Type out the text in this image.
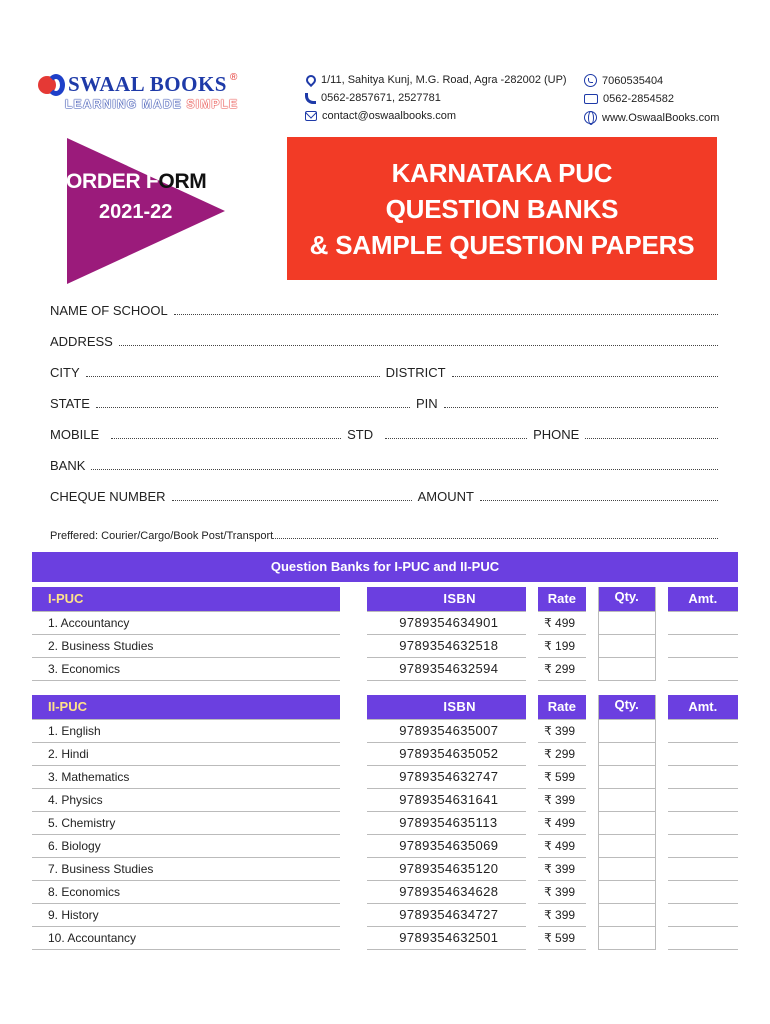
SWAAL BOOKS ®
LEARNING MADE SIMPLE
1/11, Sahitya Kunj, M.G. Road, Agra -282002 (UP)
0562-2857671, 2527781
contact@oswaalbooks.com
7060535404
0562-2854582
www.OswaalBooks.com
ORDER FORM
2021-22
KARNATAKA PUC
QUESTION BANKS
& SAMPLE QUESTION PAPERS
NAME OF SCHOOL
ADDRESS
CITY	DISTRICT
STATE	PIN
MOBILE	STD	PHONE
BANK
CHEQUE NUMBER	AMOUNT
Preffered: Courier/Cargo/Book Post/Transport
Question Banks for I-PUC and II-PUC
I-PUC		ISBN		Rate		Qty.		Amt.
1. Accountancy		9789354634901		₹ 499				
2. Business Studies		9789354632518		₹ 199				
3. Economics		9789354632594		₹ 299				
II-PUC		ISBN		Rate		Qty.		Amt.
1. English		9789354635007		₹ 399				
2. Hindi		9789354635052		₹ 299				
3. Mathematics		9789354632747		₹ 599				
4. Physics		9789354631641		₹ 399				
5. Chemistry		9789354635113		₹ 499				
6. Biology		9789354635069		₹ 499				
7. Business Studies		9789354635120		₹ 399				
8. Economics		9789354634628		₹ 399				
9. History		9789354634727		₹ 399				
10. Accountancy		9789354632501		₹ 599				
